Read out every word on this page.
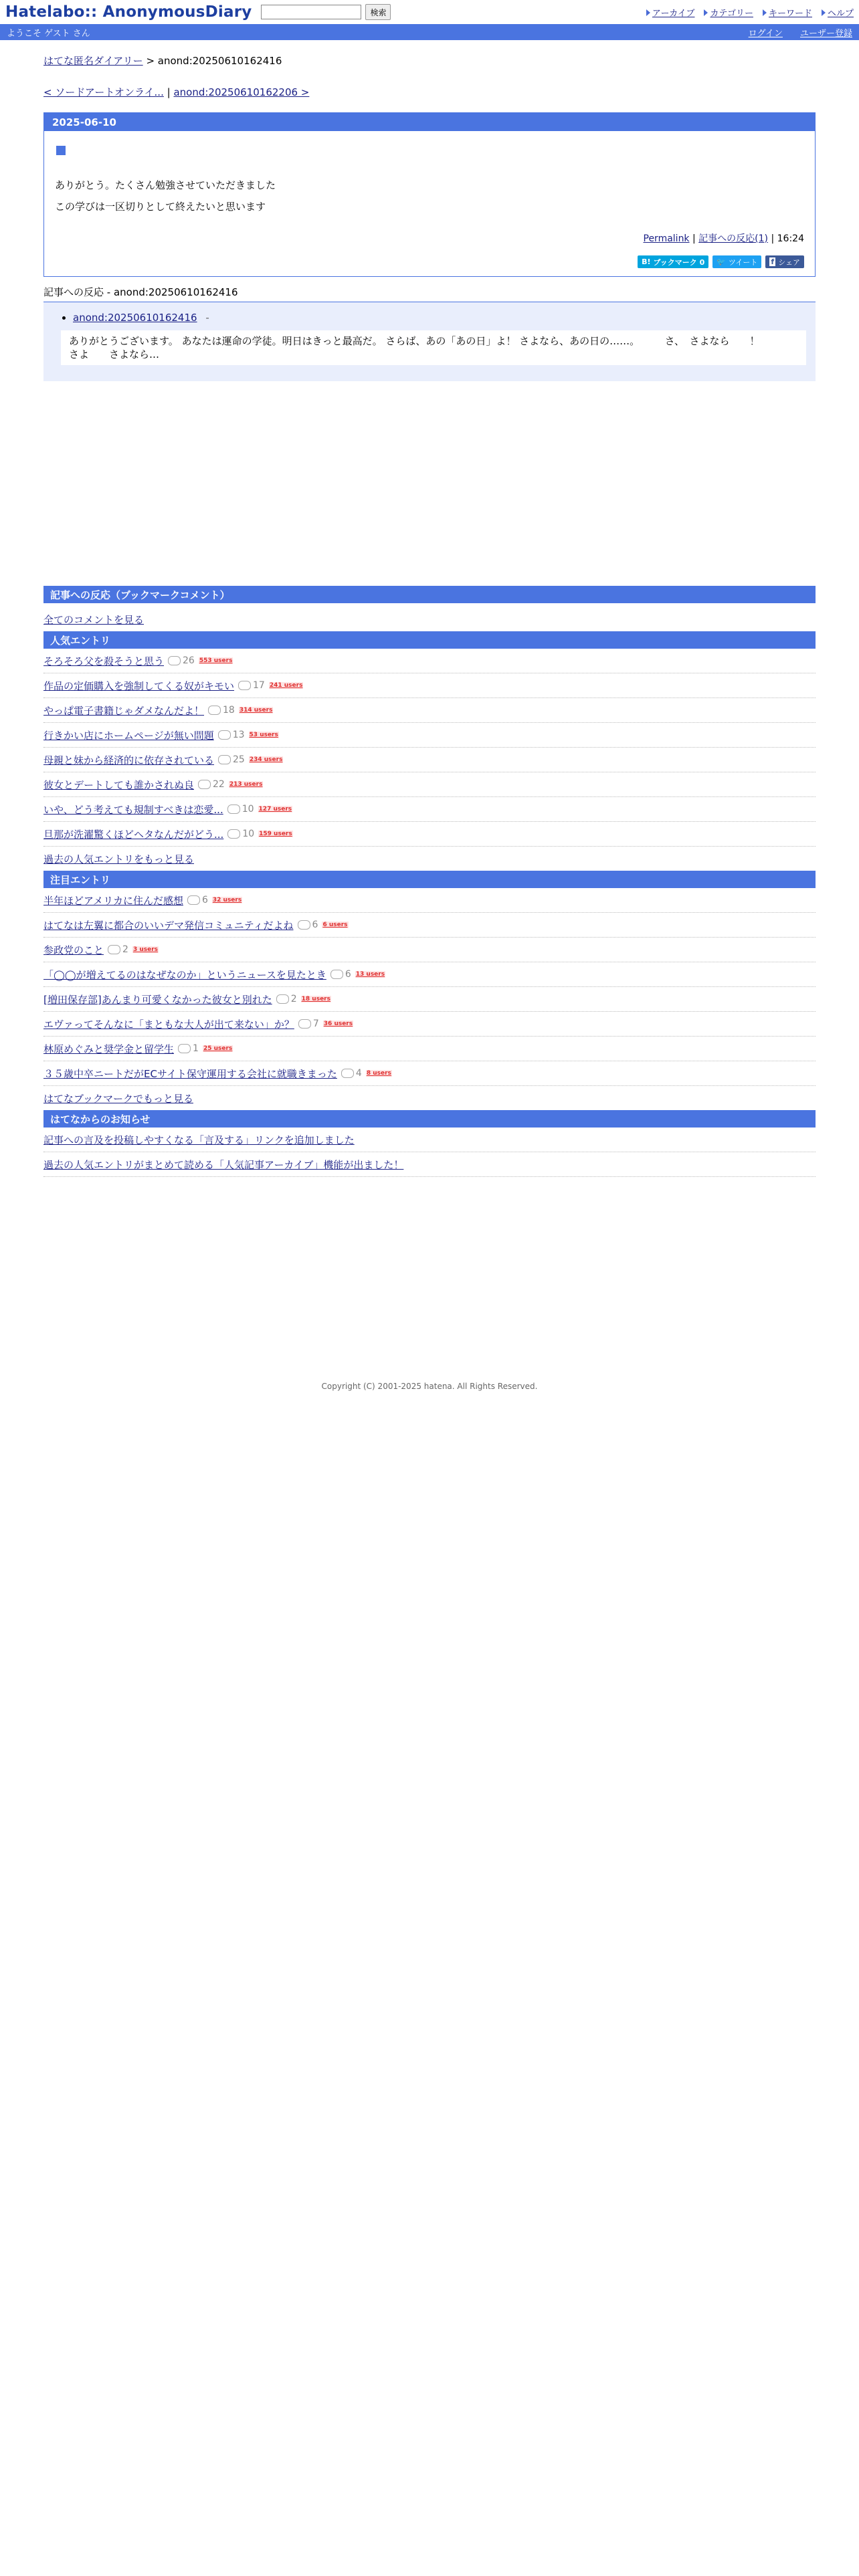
Hatelabo:: AnonymousDiary	検索	アーカイブ	カテゴリー	キーワード	ヘルプ
ようこそ ゲスト さん	ログイン ユーザー登録
はてな匿名ダイアリー > anond:20250610162416
< ソードアートオンライ... | anond:20250610162206 >
2025-06-10

ありがとう。たくさん勉強させていただきました

この学びは一区切りとして終えたいと思います

Permalink | 記事への反応(1) | 16:24
B! ブックマーク 0 🐦 ツイート f シェア
記事への反応 - anond:20250610162416
• anond:20250610162416 -
ありがとうございます。 あなたは運命の学徒。明日はきっと最高だ。 さらば、あの「あの日」よ！ さよなら、あの日の……。　　　さ、　さよなら　　！　　　　　さよ　　さよなら…
記事への反応（ブックマークコメント）
全てのコメントを見る
人気エントリ
そろそろ父を殺そうと思う 26 553 users
作品の定価購入を強制してくる奴がキモい 17 241 users
やっぱ電子書籍じゃダメなんだよ！ 18 314 users
行きかい店にホームページが無い問題 13 53 users
母親と妹から経済的に依存されている 25 234 users
彼女とデートしても誰かされぬ良 22 213 users
いや、どう考えても規制すべきは恋愛... 10 127 users
旦那が洗濯驚くほどヘタなんだがどう... 10 159 users
過去の人気エントリをもっと見る
注目エントリ
半年ほどアメリカに住んだ感想 6 32 users
はてなは左翼に都合のいいデマ発信コミュニティだよね 6 6 users
参政党のこと 2 3 users
「◯◯が増えてるのはなぜなのか」というニュースを見たとき 6 13 users
[増田保存部]あんまり可愛くなかった彼女と別れた 2 18 users
エヴァってそんなに「まともな大人が出て来ない」か？ 7 36 users
林原めぐみと奨学金と留学生 1 25 users
３５歳中卒ニートだがECサイト保守運用する会社に就職きまった 4 8 users
はてなブックマークでもっと見る
はてなからのお知らせ
記事への言及を投稿しやすくなる「言及する」リンクを追加しました
過去の人気エントリがまとめて読める「人気記事アーカイブ」機能が出ました！
Copyright (C) 2001-2025 hatena. All Rights Reserved.
